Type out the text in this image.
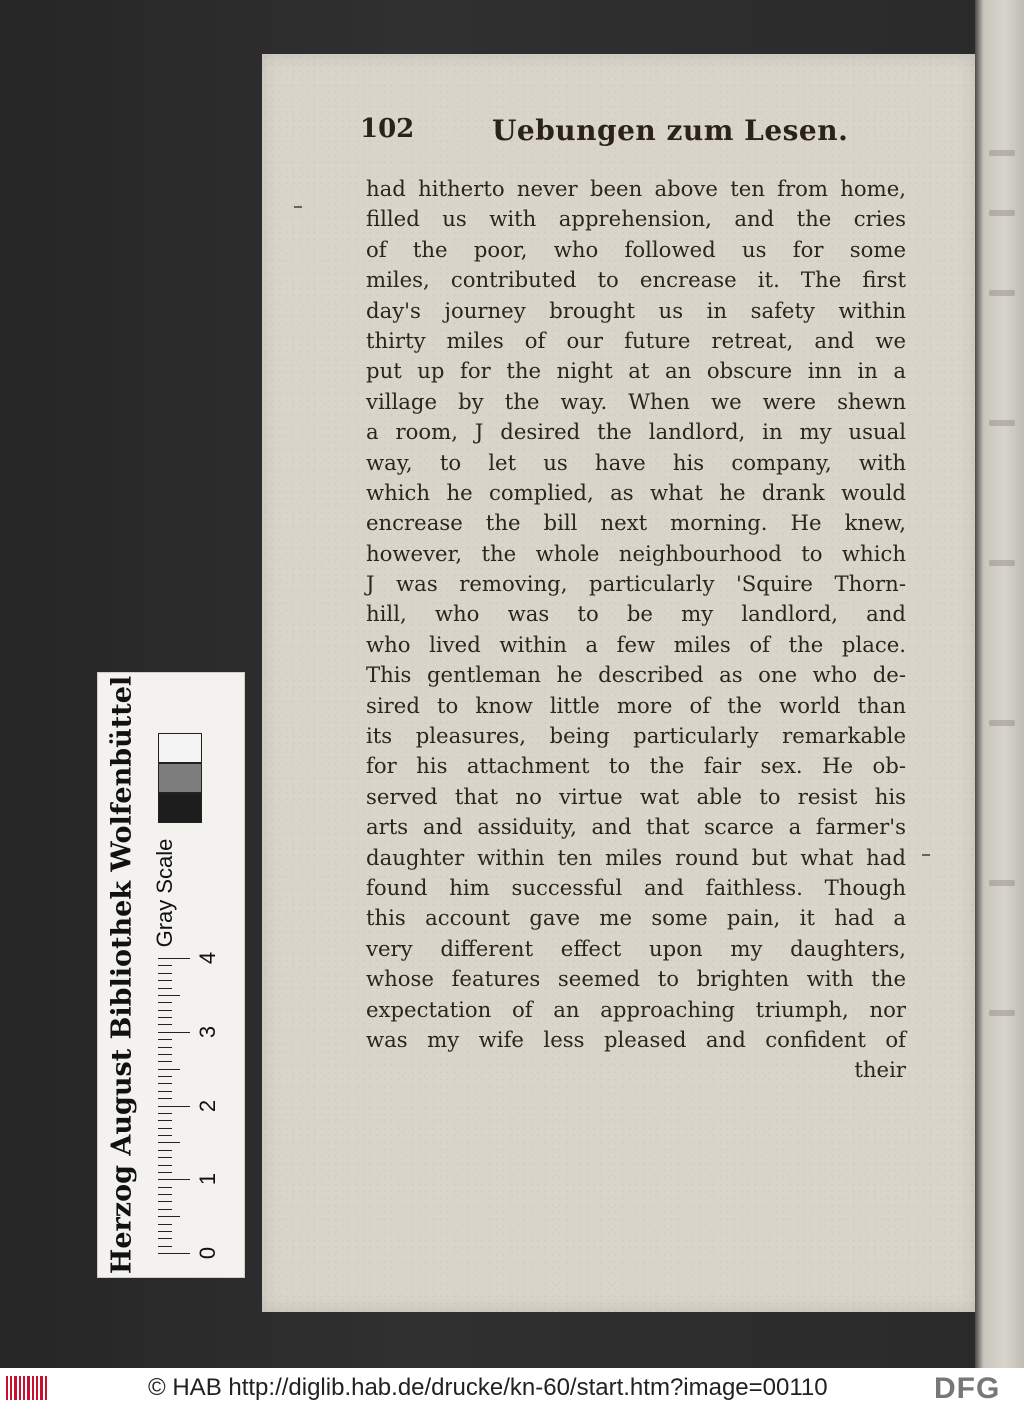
102	Uebungen zum Lesen.
had hitherto never been above ten from home,
filled us with apprehension, and the cries
of the poor, who followed us for some
miles, contributed to encrease it. The first
day's journey brought us in safety within
thirty miles of our future retreat, and we
put up for the night at an obscure inn in a
village by the way. When we were shewn
a room, J desired the landlord, in my usual
way, to let us have his company, with
which he complied, as what he drank would
encrease the bill next morning. He knew,
however, the whole neighbourhood to which
J was removing, particularly 'Squire Thorn-
hill, who was to be my landlord, and
who lived within a few miles of the place.
This gentleman he described as one who de-
sired to know little more of the world than
its pleasures, being particularly remarkable
for his attachment to the fair sex. He ob-
served that no virtue wat able to resist his
arts and assiduity, and that scarce a farmer's
daughter within ten miles round but what had
found him successful and faithless. Though
this account gave me some pain, it had a
very different effect upon my daughters,
whose features seemed to brighten with the
expectation of an approaching triumph, nor
was my wife less pleased and confident of
their
Herzog August Bibliothek Wolfenbüttel Gray Scale
0
1
2
3
4
© HAB http://diglib.hab.de/drucke/kn-60/start.htm?image=00110	DFG
